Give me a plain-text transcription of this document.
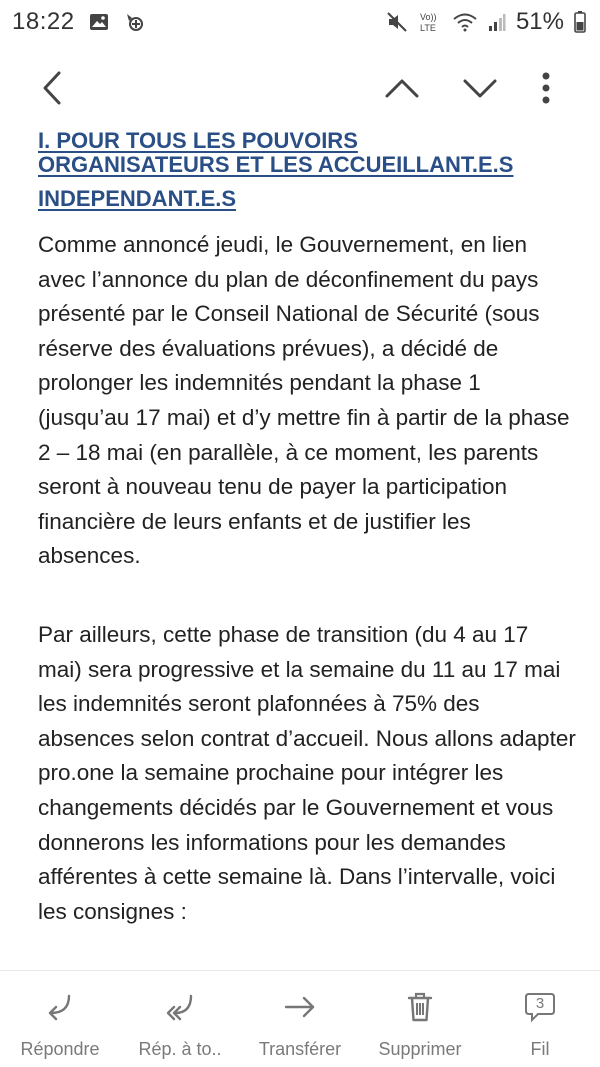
18:22	Vo))
LTE	51%
I. POUR TOUS LES POUVOIRS
ORGANISATEURS ET LES ACCUEILLANT.E.S
INDEPENDANT.E.S

Comme annoncé jeudi, le Gouvernement, en lien avec l’annonce du plan de déconfinement du pays présenté par le Conseil National de Sécurité (sous réserve des évaluations prévues), a décidé de prolonger les indemnités pendant la phase 1 (jusqu’au 17 mai) et d’y mettre fin à partir de la phase 2 – 18 mai (en parallèle, à ce moment, les parents seront à nouveau tenu de payer la participation financière de leurs enfants et de justifier les absences.

Par ailleurs, cette phase de transition (du 4 au 17 mai) sera progressive et la semaine du 11 au 17 mai les indemnités seront plafonnées à 75% des absences selon contrat d’accueil. Nous allons adapter pro.one la semaine prochaine pour intégrer les changements décidés par le Gouvernement et vous donnerons les informations pour les demandes afférentes à cette semaine là. Dans l’intervalle, voici les consignes :

Répondre Rép. à to.. Transférer Supprimer
3
Fil
